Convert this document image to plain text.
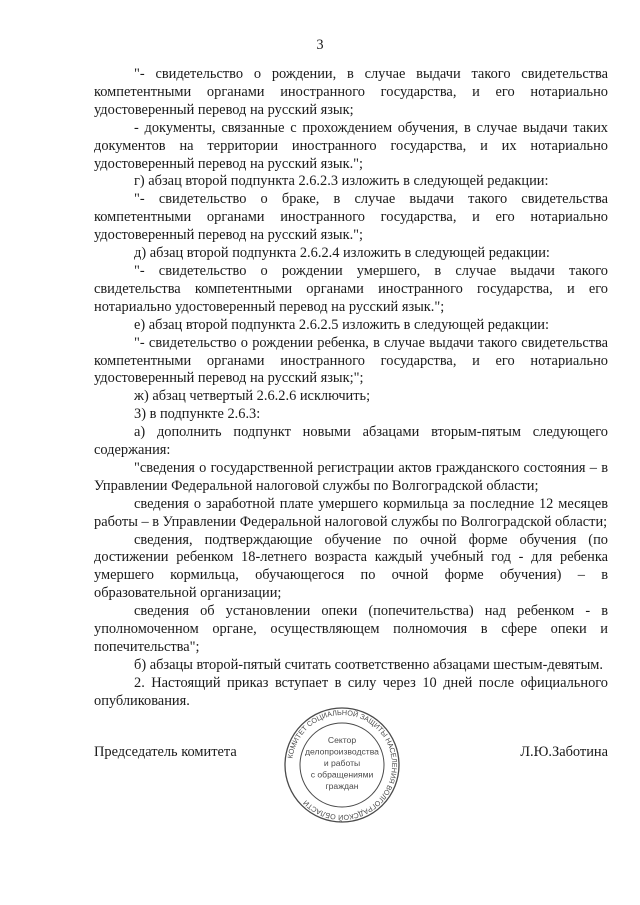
3

"- свидетельство о рождении, в случае выдачи такого свидетельства компетентными органами иностранного государства, и его нотариально удостоверенный перевод на русский язык;

- документы, связанные с прохождением обучения, в случае выдачи таких документов на территории иностранного государства, и их нотариально удостоверенный перевод на русский язык.";

г) абзац второй подпункта 2.6.2.3 изложить в следующей редакции:

"- свидетельство о браке, в случае выдачи такого свидетельства компетентными органами иностранного государства, и его нотариально удостоверенный перевод на русский язык.";

д) абзац второй подпункта 2.6.2.4 изложить в следующей редакции:

"- свидетельство о рождении умершего, в случае выдачи такого свидетельства компетентными органами иностранного государства, и его нотариально удостоверенный перевод на русский язык.";

е) абзац второй подпункта 2.6.2.5 изложить в следующей редакции:

"- свидетельство о рождении ребенка, в случае выдачи такого свидетельства компетентными органами иностранного государства, и его нотариально удостоверенный перевод на русский язык;";

ж) абзац четвертый 2.6.2.6 исключить;

3) в подпункте 2.6.3:

а) дополнить подпункт новыми абзацами вторым-пятым следующего содержания:

"сведения о государственной регистрации актов гражданского состояния – в Управлении Федеральной налоговой службы по Волгоградской области;

сведения о заработной плате умершего кормильца за последние 12 месяцев работы – в Управлении Федеральной налоговой службы по Волгоградской области;

сведения, подтверждающие обучение по очной форме обучения (по достижении ребенком 18-летнего возраста каждый учебный год - для ребенка умершего кормильца, обучающегося по очной форме обучения) – в образовательной организации;

сведения об установлении опеки (попечительства) над ребенком - в уполномоченном органе, осуществляющем полномочия в сфере опеки и попечительства";

б) абзацы второй-пятый считать соответственно абзацами шестым-девятым.

2. Настоящий приказ вступает в силу через 10 дней после официального опубликования.

Председатель комитета	Л.Ю.Заботина
КОМИТЕТ СОЦИАЛЬНОЙ ЗАЩИТЫ НАСЕЛЕНИЯ ВОЛГОГРАДСКОЙ ОБЛАСТИ
Сектор
делопроизводства
и работы
с обращениями
граждан
